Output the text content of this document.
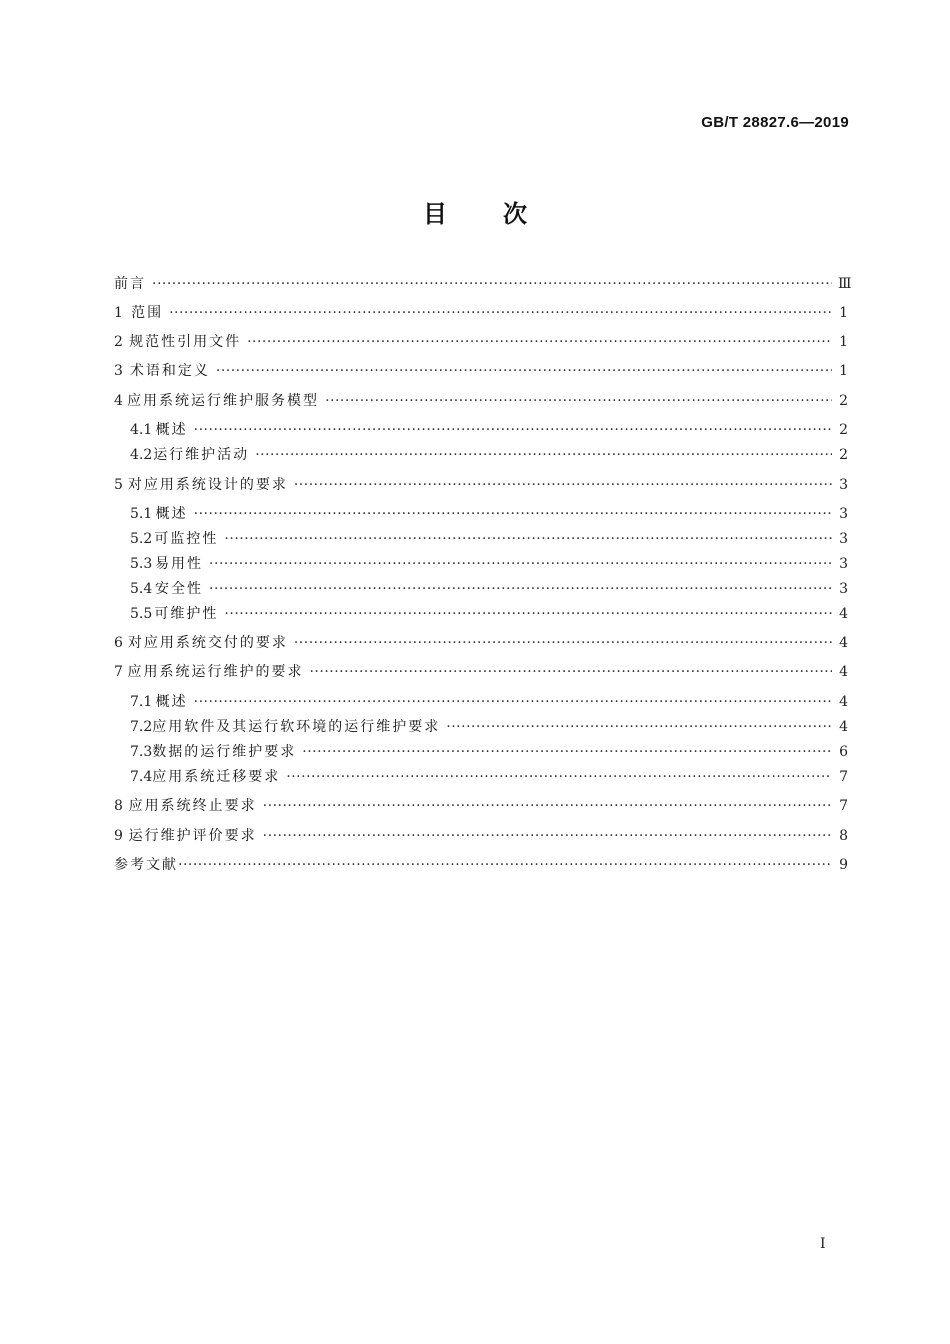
GB/T 28827.6—2019
目次
前言 ·····	Ⅲ
1 范围 ·····	1
2 规范性引用文件 ·····	1
3 术语和定义 ·····	1
4 应用系统运行维护服务模型 ·····	2
4.1 概述 ·····	2
4.2 运行维护活动 ·····	2
5 对应用系统设计的要求 ·····	3
5.1 概述 ·····	3
5.2 可监控性 ·····	3
5.3 易用性 ·····	3
5.4 安全性 ·····	3
5.5 可维护性 ·····	4
6 对应用系统交付的要求 ·····	4
7 应用系统运行维护的要求 ·····	4
7.1 概述 ·····	4
7.2 应用软件及其运行软环境的运行维护要求 ·····	4
7.3 数据的运行维护要求 ·····	6
7.4 应用系统迁移要求 ·····	7
8 应用系统终止要求 ·····	7
9 运行维护评价要求 ·····	8
参考文献 ·····	9
I
